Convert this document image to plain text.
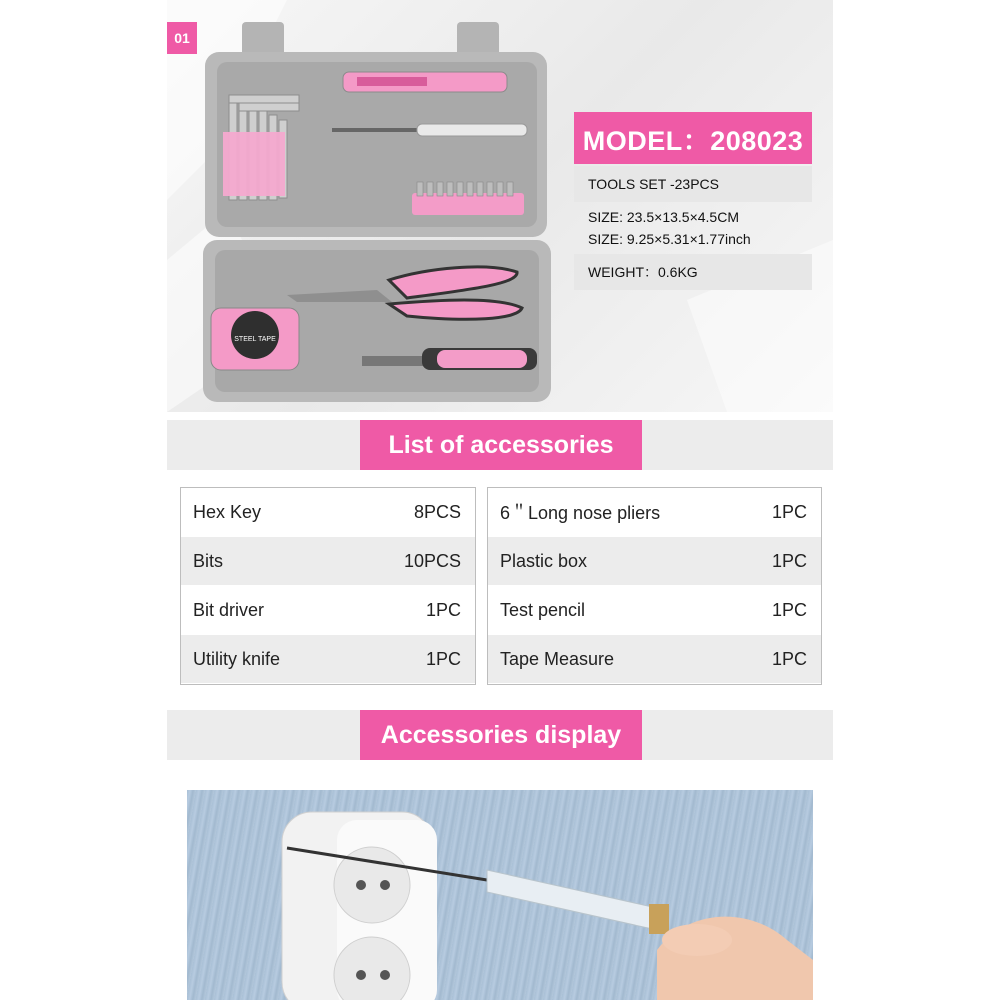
STEEL TAPE
01
MODEL：208023
TOOLS SET -23PCS
SIZE: 23.5×13.5×4.5CM
SIZE: 9.25×5.31×1.77inch
WEIGHT：0.6KG
List of accessories
Hex Key	8PCS
Bits	10PCS
Bit driver	1PC
Utility knife	1PC
6＂Long nose pliers	1PC
Plastic box	1PC
Test pencil	1PC
Tape Measure	1PC
Accessories display
